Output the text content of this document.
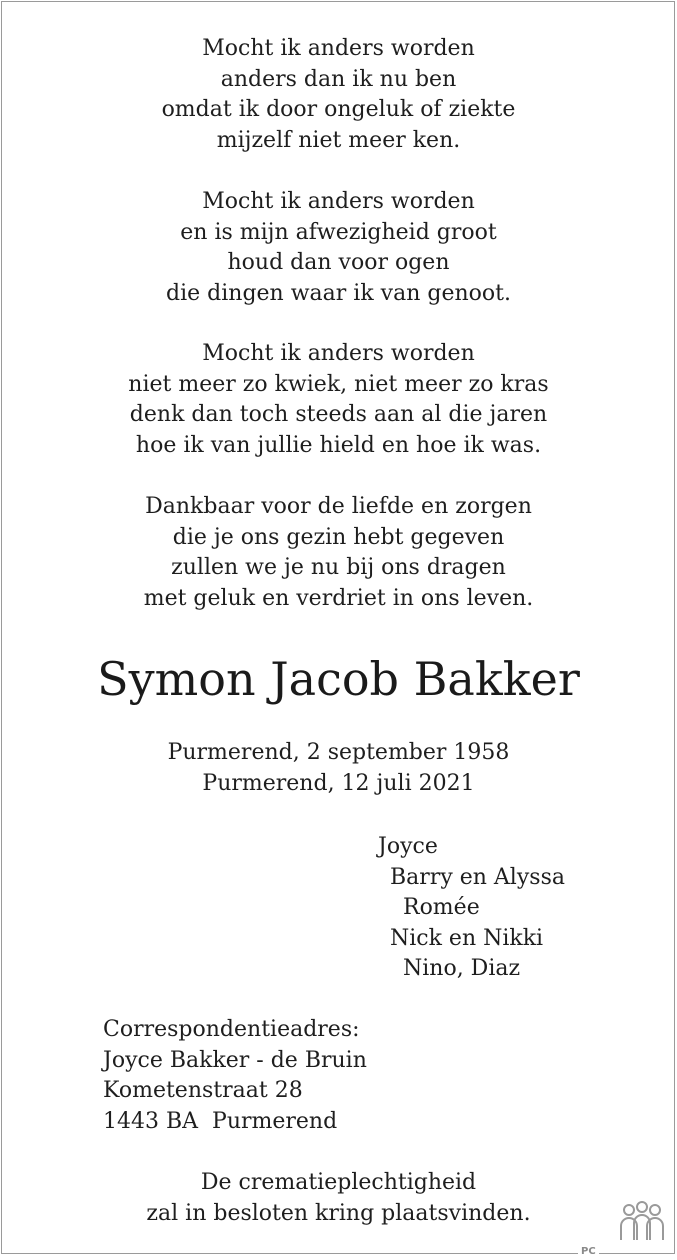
Mocht ik anders worden
anders dan ik nu ben
omdat ik door ongeluk of ziekte
mijzelf niet meer ken.
Mocht ik anders worden
en is mijn afwezigheid groot
houd dan voor ogen
die dingen waar ik van genoot.
Mocht ik anders worden
niet meer zo kwiek, niet meer zo kras
denk dan toch steeds aan al die jaren
hoe ik van jullie hield en hoe ik was.
Dankbaar voor de liefde en zorgen
die je ons gezin hebt gegeven
zullen we je nu bij ons dragen
met geluk en verdriet in ons leven.
Symon Jacob Bakker
Purmerend, 2 september 1958
Purmerend, 12 juli 2021
Joyce
Barry en Alyssa
Romée
Nick en Nikki
Nino, Diaz
Correspondentieadres:
Joyce Bakker - de Bruin
Kometenstraat 28
1443 BA  Purmerend
De crematieplechtigheid
zal in besloten kring plaatsvinden.
PC
